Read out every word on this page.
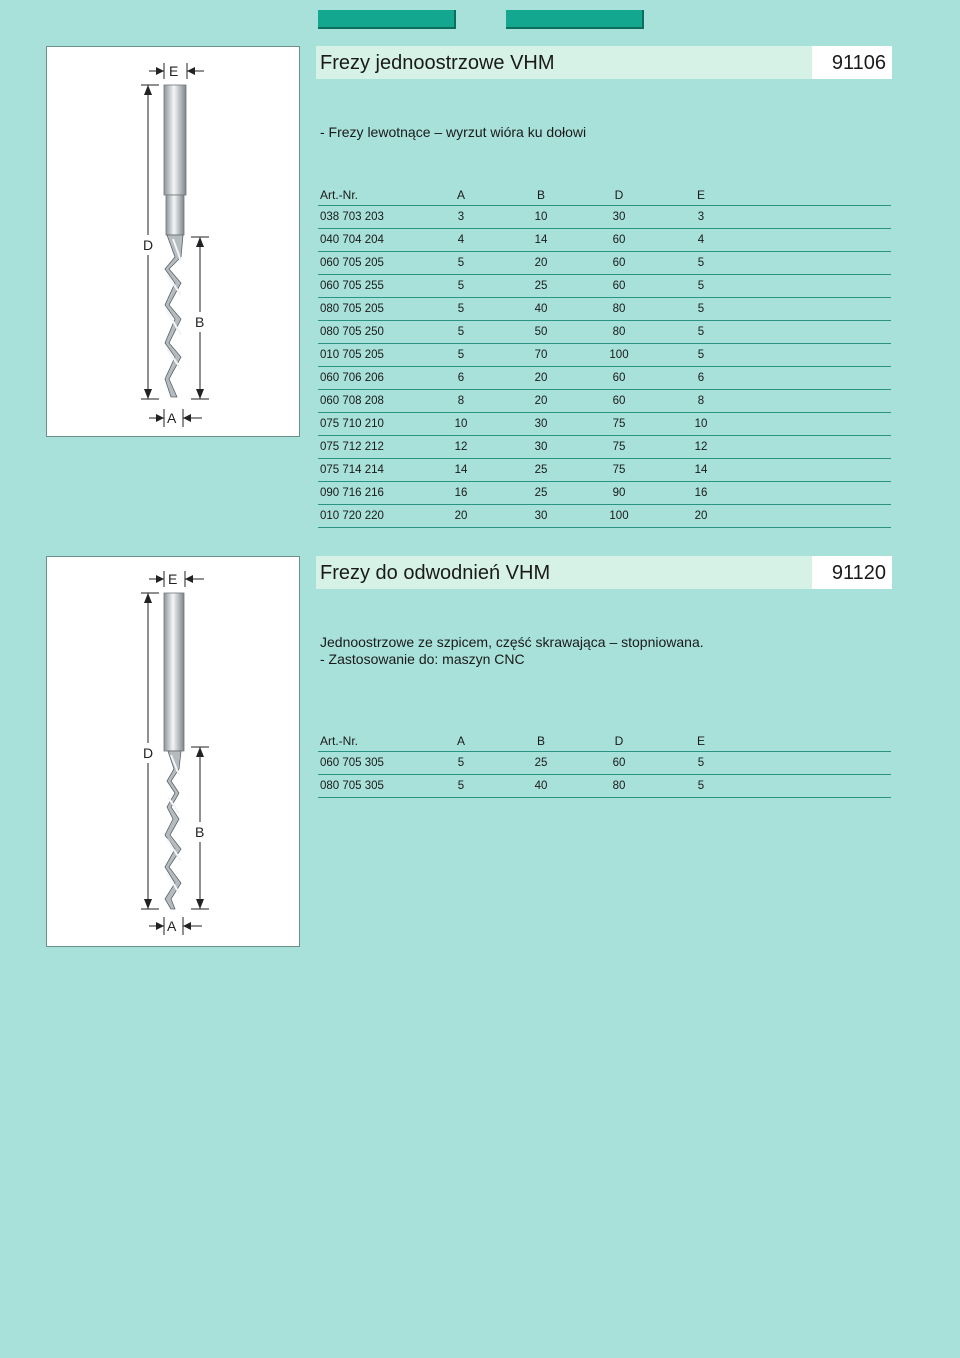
E
D
B
A
Frezy jednoostrzowe VHM	91106
- Frezy lewotnące – wyrzut wióra ku dołowi
Art.-Nr.	A	B	D	E
038 703 203	3	10	30	3
040 704 204	4	14	60	4
060 705 205	5	20	60	5
060 705 255	5	25	60	5
080 705 205	5	40	80	5
080 705 250	5	50	80	5
010 705 205	5	70	100	5
060 706 206	6	20	60	6
060 708 208	8	20	60	8
075 710 210	10	30	75	10
075 712 212	12	30	75	12
075 714 214	14	25	75	14
090 716 216	16	25	90	16
010 720 220	20	30	100	20
E
D
B
A
Frezy do odwodnień VHM	91120
Jednoostrzowe ze szpicem, część skrawająca – stopniowana.
- Zastosowanie do: maszyn CNC
Art.-Nr.	A	B	D	E
060 705 305	5	25	60	5
080 705 305	5	40	80	5
